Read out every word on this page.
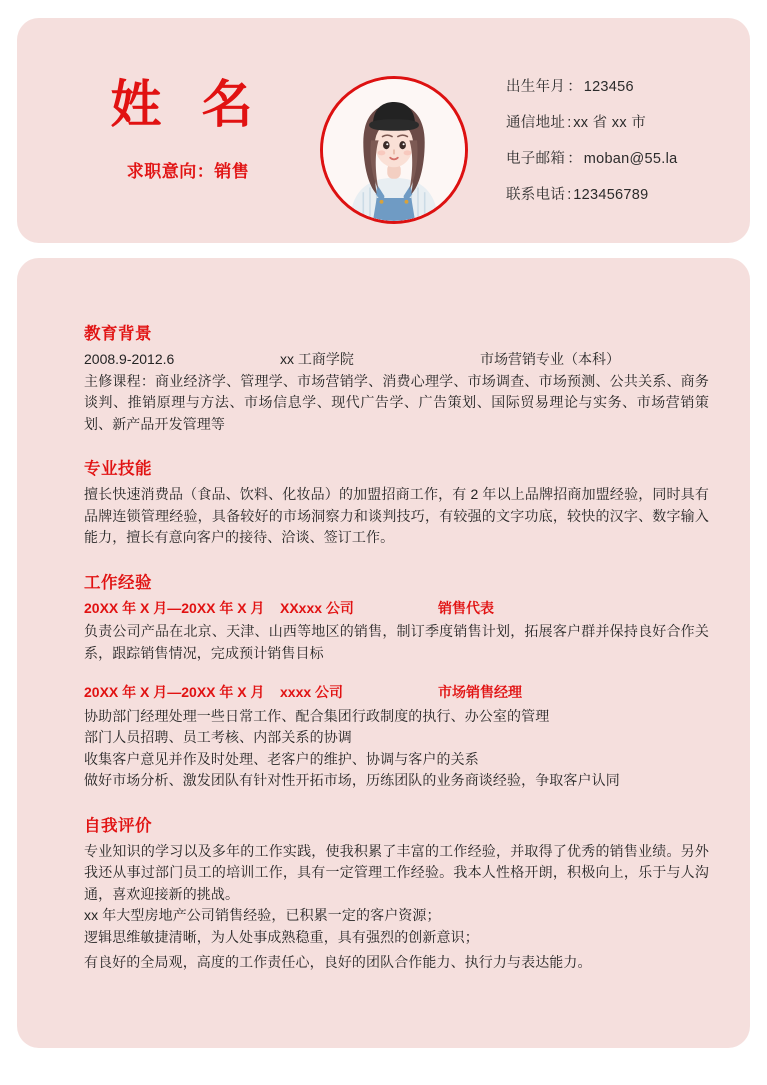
姓 名
求职意向：销售
出生年月 ： 123456
通信地址 : xx 省 xx 市
电子邮箱 ： moban@55.la
联系电话 : 123456789
教育背景
2008.9-2012.6	xx 工商学院	市场营销专业（本科）
主修课程：商业经济学、管理学、市场营销学、消费心理学、市场调查、市场预测、公共关系、商务谈判、推销原理与方法、市场信息学、现代广告学、广告策划、国际贸易理论与实务、市场营销策划、新产品开发管理等
专业技能
擅长快速消费品（食品、饮料、化妆品）的加盟招商工作，有 2 年以上品牌招商加盟经验，同时具有品牌连锁管理经验，具备较好的市场洞察力和谈判技巧，有较强的文字功底，较快的汉字、数字输入能力，擅长有意向客户的接待、洽谈、签订工作。
工作经验
20XX 年 X 月—20XX 年 X 月	XXxxx 公司	销售代表
负责公司产品在北京、天津、山西等地区的销售，制订季度销售计划，拓展客户群并保持良好合作关系，跟踪销售情况，完成预计销售目标
20XX 年 X 月—20XX 年 X 月	xxxx 公司	市场销售经理
协助部门经理处理一些日常工作、配合集团行政制度的执行、办公室的管理
部门人员招聘、员工考核、内部关系的协调
收集客户意见并作及时处理、老客户的维护、协调与客户的关系
做好市场分析、激发团队有针对性开拓市场，历练团队的业务商谈经验，争取客户认同
自我评价
专业知识的学习以及多年的工作实践，使我积累了丰富的工作经验，并取得了优秀的销售业绩。另外我还从事过部门员工的培训工作，具有一定管理工作经验。我本人性格开朗，积极向上，乐于与人沟通，喜欢迎接新的挑战。
xx 年大型房地产公司销售经验，已积累一定的客户资源；
逻辑思维敏捷清晰，为人处事成熟稳重，具有强烈的创新意识；
有良好的全局观，高度的工作责任心，良好的团队合作能力、执行力与表达能力。
